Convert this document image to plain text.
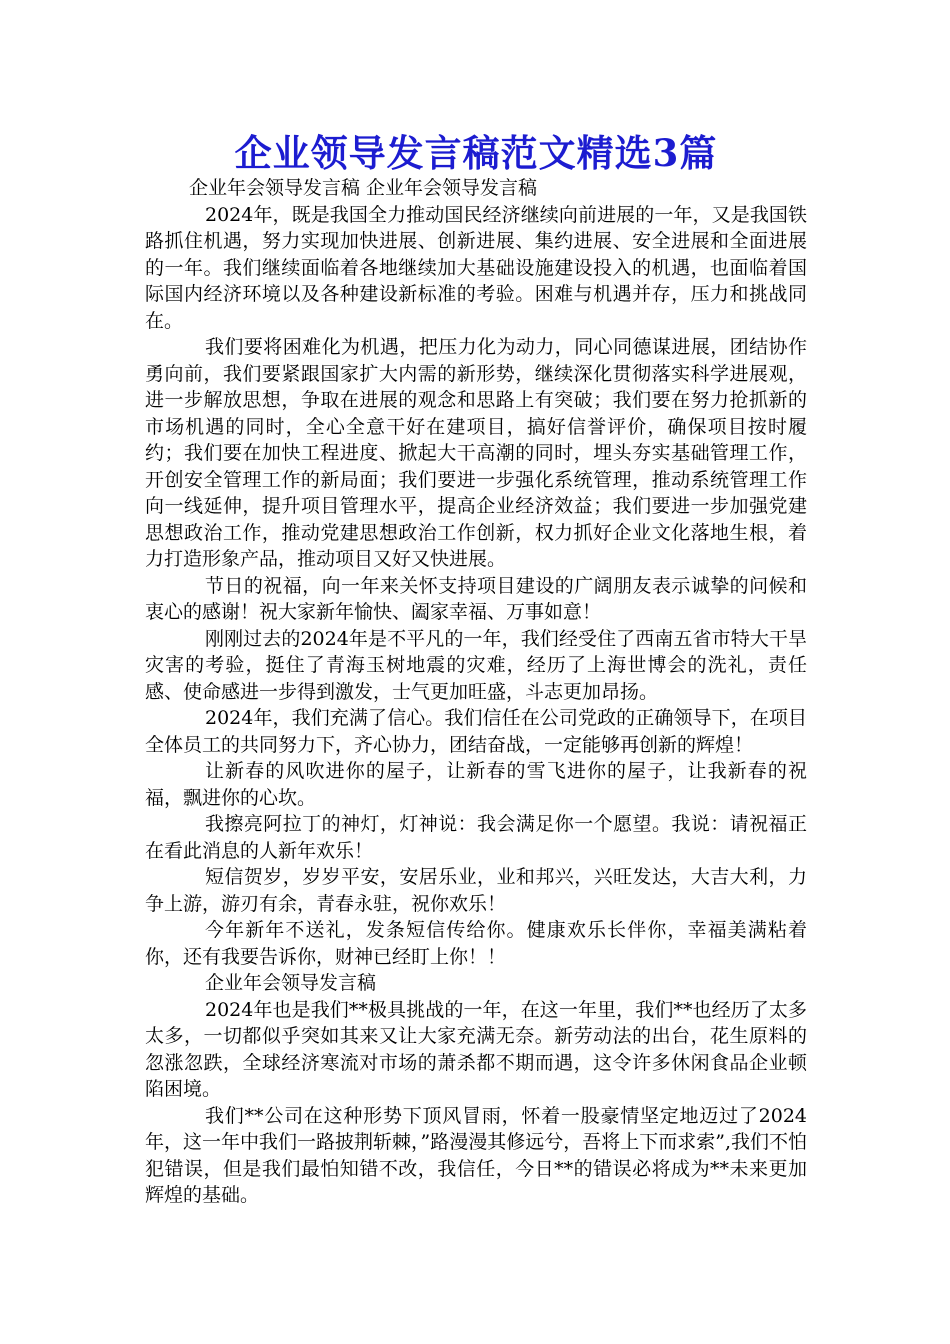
企业领导发言稿范文精选3篇

企业年会领导发言稿 企业年会领导发言稿

2024年，既是我国全力推动国民经济继续向前进展的一年，又是我国铁路抓住机遇，努力实现加快进展、创新进展、集约进展、安全进展和全面进展的一年。我们继续面临着各地继续加大基础设施建设投入的机遇，也面临着国际国内经济环境以及各种建设新标准的考验。困难与机遇并存，压力和挑战同在。

我们要将困难化为机遇，把压力化为动力，同心同德谋进展，团结协作勇向前，我们要紧跟国家扩大内需的新形势，继续深化贯彻落实科学进展观，进一步解放思想，争取在进展的观念和思路上有突破；我们要在努力抢抓新的市场机遇的同时，全心全意干好在建项目，搞好信誉评价，确保项目按时履约；我们要在加快工程进度、掀起大干高潮的同时，埋头夯实基础管理工作，开创安全管理工作的新局面；我们要进一步强化系统管理，推动系统管理工作向一线延伸，提升项目管理水平，提高企业经济效益；我们要进一步加强党建思想政治工作，推动党建思想政治工作创新，权力抓好企业文化落地生根，着力打造形象产品，推动项目又好又快进展。

节日的祝福，向一年来关怀支持项目建设的广阔朋友表示诚挚的问候和衷心的感谢！祝大家新年愉快、阖家幸福、万事如意！

刚刚过去的2024年是不平凡的一年，我们经受住了西南五省市特大干旱灾害的考验，挺住了青海玉树地震的灾难，经历了上海世博会的洗礼，责任感、使命感进一步得到激发，士气更加旺盛，斗志更加昂扬。

2024年，我们充满了信心。我们信任在公司党政的正确领导下，在项目全体员工的共同努力下，齐心协力，团结奋战，一定能够再创新的辉煌！

让新春的风吹进你的屋子，让新春的雪飞进你的屋子，让我新春的祝福，飘进你的心坎。

我擦亮阿拉丁的神灯，灯神说：我会满足你一个愿望。我说：请祝福正在看此消息的人新年欢乐！

短信贺岁，岁岁平安，安居乐业，业和邦兴，兴旺发达，大吉大利，力争上游，游刃有余，青春永驻，祝你欢乐！

今年新年不送礼，发条短信传给你。健康欢乐长伴你，幸福美满粘着你，还有我要告诉你，财神已经盯上你！！

企业年会领导发言稿

2024年也是我们**极具挑战的一年，在这一年里，我们**也经历了太多太多，一切都似乎突如其来又让大家充满无奈。新劳动法的出台，花生原料的忽涨忽跌，全球经济寒流对市场的萧杀都不期而遇，这令许多休闲食品企业顿陷困境。

我们**公司在这种形势下顶风冒雨，怀着一股豪情坚定地迈过了2024年，这一年中我们一路披荆斩棘，”路漫漫其修远兮，吾将上下而求索”,我们不怕犯错误，但是我们最怕知错不改，我信任，今日**的错误必将成为**未来更加辉煌的基础。
